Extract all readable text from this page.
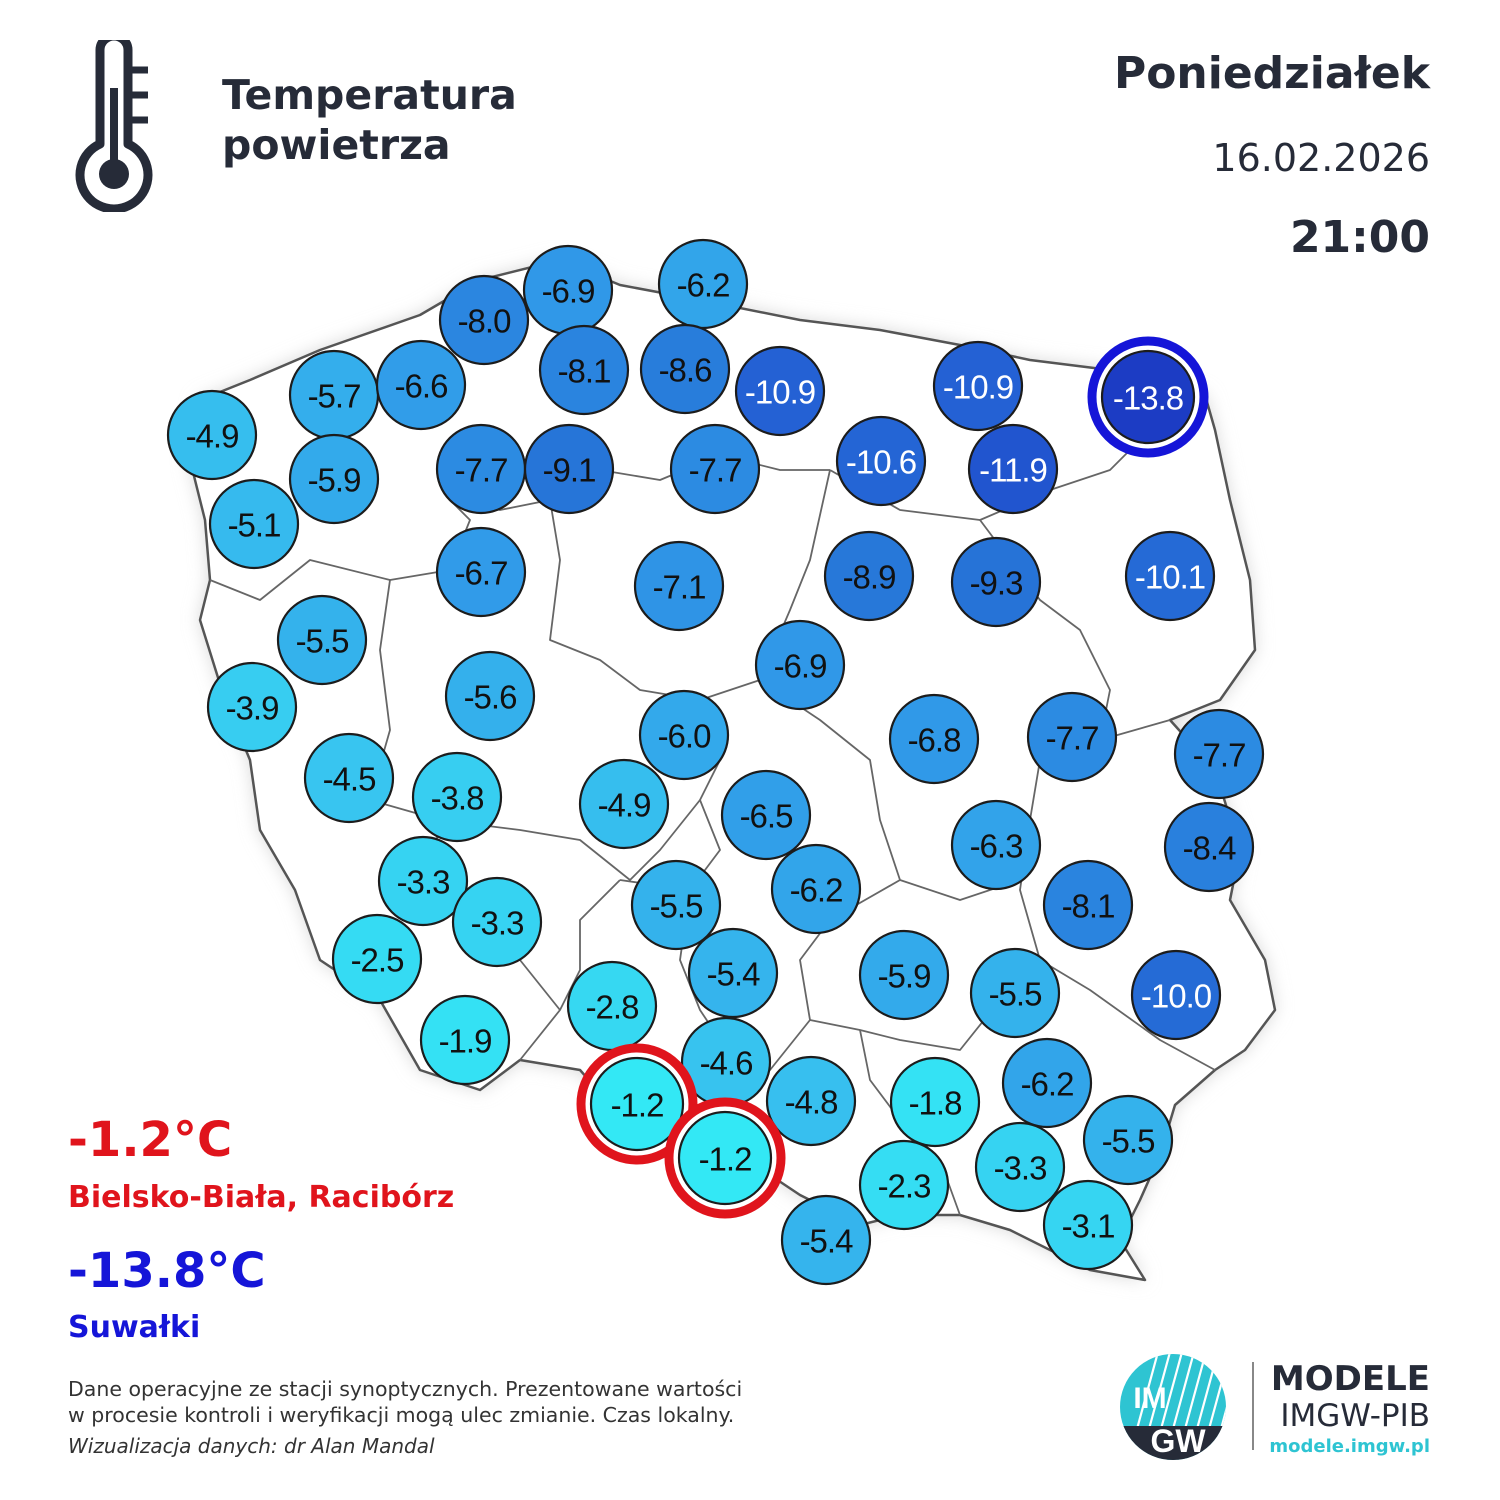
-6.9 -6.2
-8.0
-8.1 -8.6
-10.9	-10.9	-13.8
-5.7 -6.6
-4.9
-5.9	-7.7 -9.1	-7.7	-10.6 -11.9
-5.1
-6.7	-7.1	-8.9 -9.3	-10.1
-5.5
-6.9
-3.9	-5.6
-6.0	-6.8	-7.7	-7.7
-4.5
-3.8	-4.9	-6.5
-6.3	-8.4
-3.3	-6.2
-3.3	-5.5	-8.1
-2.5	-5.4	-5.9 -5.5	-10.0
-2.8
-1.9
-4.6
-6.2
-1.2	-4.8 -1.8
-5.5
-1.2
-2.3 -3.3
-3.1
-5.4
Temperatura
powietrza
Poniedziałek
16.02.2026
21:00
-1.2°C
Bielsko-Biała, Racibórz
-13.8°C
Suwałki
Dane operacyjne ze stacji synoptycznych. Prezentowane wartości
w procesie kontroli i weryfikacji mogą ulec zmianie. Czas lokalny.
Wizualizacja danych: dr Alan Mandal
IM
GW
MODELE
IMGW-PIB
modele.imgw.pl
